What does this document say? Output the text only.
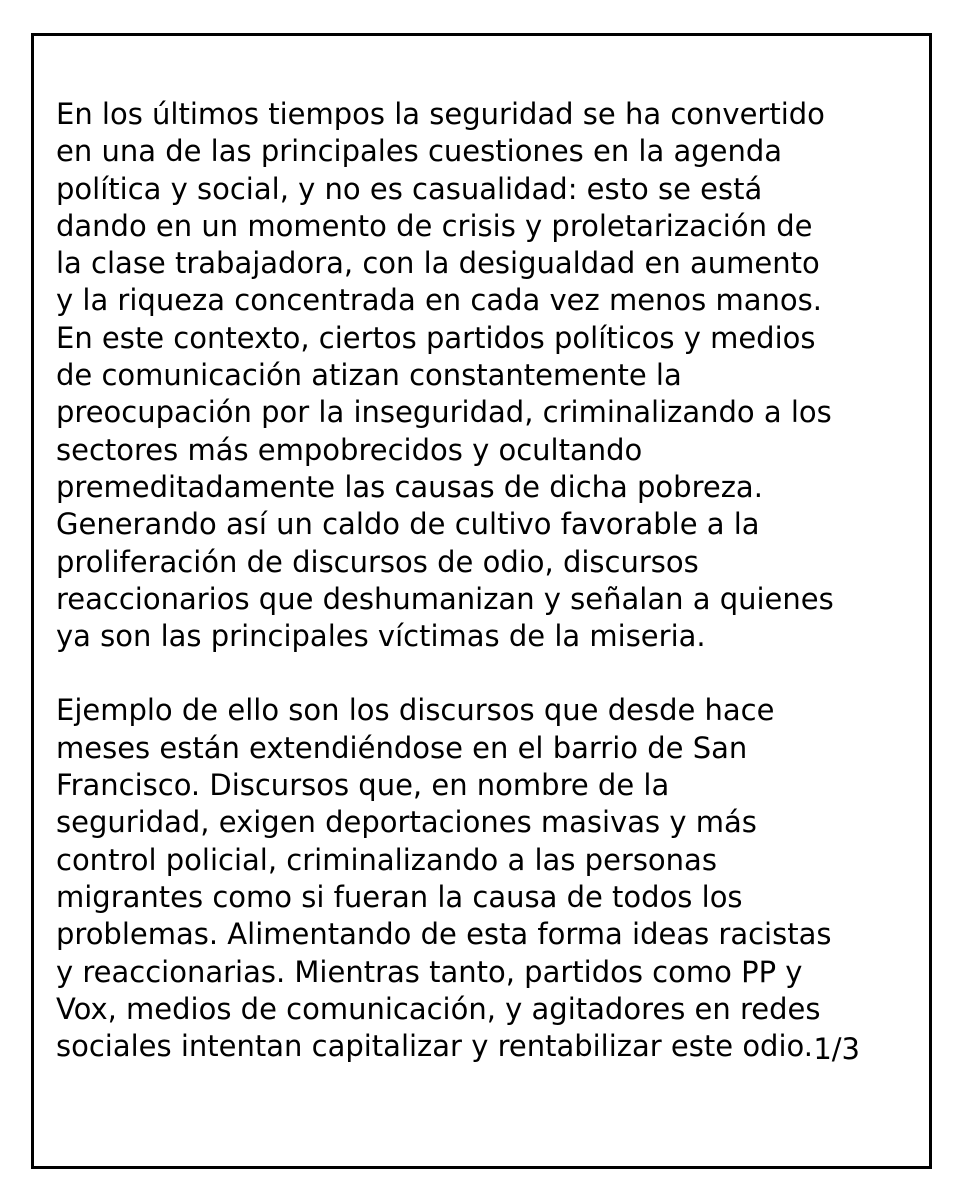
En los últimos tiempos la seguridad se ha convertido
en una de las principales cuestiones en la agenda
política y social, y no es casualidad: esto se está
dando en un momento de crisis y proletarización de
la clase trabajadora, con la desigualdad en aumento
y la riqueza concentrada en cada vez menos manos.
En este contexto, ciertos partidos políticos y medios
de comunicación atizan constantemente la
preocupación por la inseguridad, criminalizando a los
sectores más empobrecidos y ocultando
premeditadamente las causas de dicha pobreza.
Generando así un caldo de cultivo favorable a la
proliferación de discursos de odio, discursos
reaccionarios que deshumanizan y señalan a quienes
ya son las principales víctimas de la miseria.

Ejemplo de ello son los discursos que desde hace
meses están extendiéndose en el barrio de San
Francisco. Discursos que, en nombre de la
seguridad, exigen deportaciones masivas y más
control policial, criminalizando a las personas
migrantes como si fueran la causa de todos los
problemas. Alimentando de esta forma ideas racistas
y reaccionarias. Mientras tanto, partidos como PP y
Vox, medios de comunicación, y agitadores en redes
sociales intentan capitalizar y rentabilizar este odio. 1/3
